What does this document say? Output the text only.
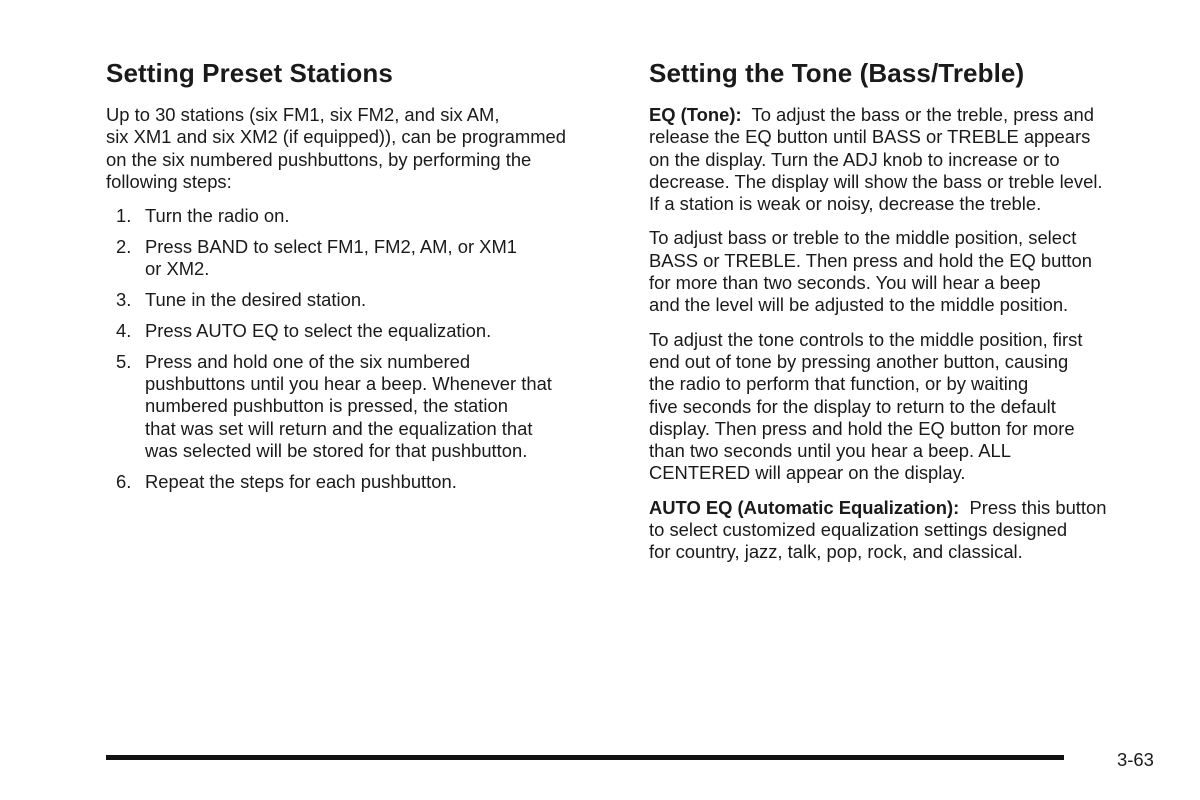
Setting Preset Stations

Up to 30 stations (six FM1, six FM2, and six AM,
six XM1 and six XM2 (if equipped)), can be programmed
on the six numbered pushbuttons, by performing the
following steps:

1. Turn the radio on.
2. Press BAND to select FM1, FM2, AM, or XM1
or XM2.
3. Tune in the desired station.
4. Press AUTO EQ to select the equalization.
5. Press and hold one of the six numbered
pushbuttons until you hear a beep. Whenever that
numbered pushbutton is pressed, the station
that was set will return and the equalization that
was selected will be stored for that pushbutton.
6. Repeat the steps for each pushbutton.
Setting the Tone (Bass/Treble)

EQ (Tone): To adjust the bass or the treble, press and
release the EQ button until BASS or TREBLE appears
on the display. Turn the ADJ knob to increase or to
decrease. The display will show the bass or treble level.
If a station is weak or noisy, decrease the treble.

To adjust bass or treble to the middle position, select
BASS or TREBLE. Then press and hold the EQ button
for more than two seconds. You will hear a beep
and the level will be adjusted to the middle position.

To adjust the tone controls to the middle position, first
end out of tone by pressing another button, causing
the radio to perform that function, or by waiting
five seconds for the display to return to the default
display. Then press and hold the EQ button for more
than two seconds until you hear a beep. ALL
CENTERED will appear on the display.

AUTO EQ (Automatic Equalization): Press this button
to select customized equalization settings designed
for country, jazz, talk, pop, rock, and classical.

3-63
